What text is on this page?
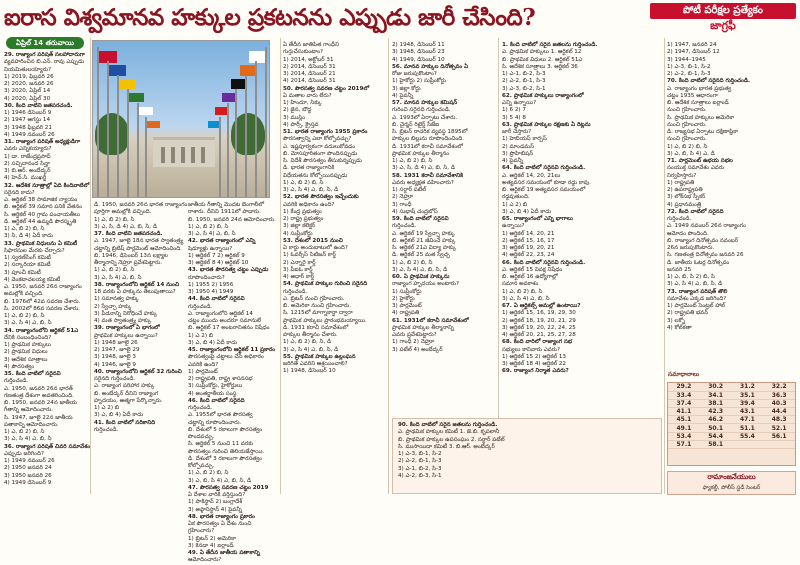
ఐరాస విశ్వమానవ హక్కుల ప్రకటనను ఎప్పుడు జారీ చేసింది?	పోటీ పరీక్షల ప్రత్యేకం
జాగ్రఫీ
ఏప్రిల్ 14 తరువాయి

29. రాజ్యాంగ పరిషత్ సలహాదారుగా

వ్యవహరించిన బి.ఎన్. రావు ఎప్పుడు

నియమితులయ్యారు?

1) 2019, ఫిబ్రవరి 26

2) 2020, జనవరి 26

3) 2020, ఏప్రిల్ 14

4) 2020, ఏప్రిల్ 30

30. కింది వాటిని జతపరచండి.

1) 1946 డిసెంబర్ 9

2) 1947 ఆగస్టు 14

3) 1948 ఫిబ్రవరి 21

4) 1949 నవంబర్ 26

31. రాజ్యాంగ పరిషత్ అధ్యక్షుడిగా

ఎవరు ఎన్నికయ్యారు?

1) డా. రాజేంద్రప్రసాద్

2) సచ్చిదానంద సిన్హా

3) బి.ఆర్. అంబేద్కర్

4) హెచ్.సి. ముఖర్జీ

32. ఆదేశిక సూత్రాల్లో ఏది కిందివాటిలో

సరైనది కాదు?

ఎ. ఆర్టికల్ 38 సామాజిక న్యాయం

బి. ఆర్టికల్ 39 సమాన పనికి వేతనం

సి. ఆర్టికల్ 40 గ్రామ పంచాయతీలు

డి. ఆర్టికల్ 44 ఉమ్మడి పౌరస్మృతి

1) ఎ, బి 2) బి, సి

3) సి, డి 4) ఏదీ కాదు

33. ప్రాథమిక విధులను ఏ కమిటీ

సిఫారసుల మేరకు చేర్చారు?

1) స్వరణ్‌సింగ్ కమిటీ

2) సర్కారియా కమిటీ

3) పూంచీ కమిటీ

4) వెంకటాచలయ్య కమిటీ

ఎ. 1950, జనవరి 26న రాజ్యాంగం

అమల్లోకి వచ్చింది.

బి. 1976లో 42వ సవరణ చేశారు.

సి. 2002లో 86వ సవరణ చేశారు.

1) ఎ, బి 2) బి, సి

3) ఎ, సి 4) ఎ, బి, సి

34. రాజ్యాంగంలోని ఆర్టికల్ 51ఎ

దేనికి సంబంధించింది?

1) ప్రాథమిక హక్కులు

2) ప్రాథమిక విధులు

3) ఆదేశిక సూత్రాలు

4) పౌరసత్వం

35. కింది వాటిలో సరైనవి

గుర్తించండి.

ఎ. 1950, జనవరి 26న భారత్

గణతంత్ర దేశంగా అవతరించింది.

బి. 1950, జనవరి 24న జాతీయ

గీతాన్ని ఆమోదించారు.

సి. 1947, జూలై 22న జాతీయ

పతాకాన్ని ఆమోదించారు.

1) ఎ, బి 2) బి, సి

3) ఎ, సి 4) ఎ, బి, సి

36. రాజ్యాంగ పరిషత్ చివరి సమావేశం

ఎప్పుడు జరిగింది?

1) 1949 నవంబర్ 26

2) 1950 జనవరి 24

3) 1950 జనవరి 26

4) 1949 డిసెంబర్ 9

డి. 1950, జనవరి 26న భారత రాజ్యాంగం

పూర్తిగా అమల్లోకి వచ్చింది.

1) ఎ, బి 2) బి, సి

3) ఎ, సి, డి 4) ఎ, బి, సి, డి

37. కింది వాటిని జతపరచండి.

ఎ. 1947, జూలై 18న భారత స్వాతంత్ర్య

చట్టాన్ని బ్రిటిష్ పార్లమెంట్ ఆమోదించింది.

బి. 1946, డిసెంబర్ 13న లక్ష్యాల

తీర్మానాన్ని నెహ్రూ ప్రవేశపెట్టారు.

1) ఎ, బి 2) బి, సి

3) ఎ, సి 4) ఎ, బి, సి

38. రాజ్యాంగంలోని ఆర్టికల్ 14 నుంచి

18 వరకు ఏ హక్కును తెలుపుతాయి?

1) సమానత్వ హక్కు

2) స్వేచ్ఛా హక్కు

3) పీడనాన్ని నిరోధించే హక్కు

4) మత స్వాతంత్ర్య హక్కు

39. రాజ్యాంగంలో ఏ భాగంలో

ప్రాథమిక హక్కులు ఉన్నాయి?

1) 1948 జూలై 26

2) 1947, జూలై 29

3) 1948, జూలై 3

4) 1946, జూలై 9

40. రాజ్యాంగంలోని ఆర్టికల్ 32 గురించి

సరైనది గుర్తించండి.

ఎ. రాజ్యాంగ పరిహార హక్కు

బి. అంబేద్కర్ దీనిని రాజ్యాంగ

హృదయం, ఆత్మగా పేర్కొన్నారు.

1) ఎ 2) బి

3) ఎ, బి 4) ఏదీ కాదు

41. కింది వాటిలో సరికానిది

గుర్తించండి.

జాతీయ గీతాన్ని మొదట బెంగాలీలో

రాశారు. దీనిని 1911లో పాడారు.

బి. 1950, జనవరి 24న ఆమోదించారు.

1) ఎ, బి 2) బి, సి

3) ఎ, సి 4) ఎ, బి, సి

42. భారత రాజ్యాంగంలో ఎన్ని

షెడ్యూళ్లు ఉన్నాయి?

1) ఆర్టికల్ 7 2) ఆర్టికల్ 9

3) ఆర్టికల్ 8 4) ఆర్టికల్ 10

43. భారత పౌరసత్వ చట్టం ఎప్పుడు

రూపొందించారు?

1) 1955 2) 1956

3) 1950 4) 1949

44. కింది వాటిలో సరైనవి

గుర్తించండి.

ఎ. రాజ్యాంగంలోని ఆర్టికల్ 14

చట్టం ముందు అందరూ సమానులే

బి. ఆర్టికల్ 17 అంటరానితనం నిషేధం

1) ఎ 2) బి

3) ఎ, బి 4) ఏదీ కాదు

45. రాజ్యాంగంలోని ఆర్టికల్ 11 ప్రకారం

పౌరసత్వంపై చట్టాలు చేసే అధికారం

ఎవరికి ఉంది?

1) పార్లమెంట్

2) రాష్ట్రపతి, రాష్ట్ర శాసనసభ

3) సుప్రీంకోర్టు, హైకోర్టులు

4) అంతర్జాతీయ సంస్థ

46. కింది వాటిలో సరైనది

గుర్తించండి.

ఎ. 1955లో భారత పౌరసత్వ

చట్టాన్ని రూపొందించారు.

బి. దేశంలో 5 రకాలుగా పౌరసత్వం

పొందవచ్చు.

సి. ఆర్టికల్ 5 నుంచి 11 వరకు

పౌరసత్వం గురించి తెలియజేస్తాయి.

డి. దేశంలో 3 రకాలుగా పౌరసత్వం

కోల్పోవచ్చు.

1) ఎ, బి 2) బి, సి

3) ఎ, బి, సి 4) ఎ, బి, సి, డి

47. పౌరసత్వ సవరణ చట్టం 2019

ఏ దేశాల వారికి వర్తిస్తుంది?

1) పాకిస్థాన్ 2) బంగ్లాదేశ్

3) అఫ్గానిస్థాన్ 4) పైవన్నీ

48. భారత రాజ్యాంగం ప్రకారం

ఏక పౌరసత్వం ఏ దేశం నుంచి

గ్రహించారు?

1) బ్రిటన్ 2) అమెరికా

3) కెనడా 4) ఐర్లాండ్

49. ఏ తేదీన జాతీయ పతాకాన్ని

ఆమోదించారు?

ఏ తేదీన జాతిపిత గాంధీని

గుర్తుచేసుకుంటాం?

1) 2014, అక్టోబర్ 31

2) 2014, డిసెంబర్ 31

3) 2014, డిసెంబర్ 21

4) 2014, డిసెంబర్ 31

50. పౌరసత్వ సవరణ చట్టం 2019లో

ఏ మతాల వారు లేరు?

1) హిందూ, సిక్కు

2) జైన, బౌద్ధ

3) ముస్లిం

4) పార్సీ, క్రైస్తవ

51. భారత రాజ్యాంగం 1955 ప్రకారం

పౌరసత్వాన్ని ఎలా కోల్పోవచ్చు?

ఎ. ఇష్టపూర్వకంగా వదులుకోవడం

బి. మోసపూరితంగా పొందినప్పుడు

సి. విదేశీ పౌరసత్వం తీసుకున్నప్పుడు

డి. భారత రాజ్యాంగానికి

విధేయతను కోల్పోయినప్పుడు

1) ఎ, బి 2) బి, సి

3) ఎ, సి 4) ఎ, బి, సి, డి

52. భారత పౌరసత్వం ఇచ్చేందుకు

ఎవరికి అధికారం ఉంది?

1) కేంద్ర ప్రభుత్వం

2) రాష్ట్ర ప్రభుత్వం

3) జిల్లా కలెక్టర్

4) సుప్రీంకోర్టు

53. దేశంలో 2015 నుంచి

ఏ కార్డు అందుబాటులో ఉంది?

1) ఓవర్సీస్ సిటిజన్ కార్డ్

2) ఎన్నారై కార్డ్

3) పీఐఓ కార్డ్

4) ఆధార్ కార్డ్

54. ప్రాథమిక హక్కుల గురించి సరైనది

గుర్తించండి.

ఎ. బ్రిటన్ నుంచి గ్రహించారు.

బి. అమెరికా నుంచి గ్రహించారు.

సి. 1215లో మాగ్నాకార్టా ద్వారా

ప్రాథమిక హక్కులు ప్రారంభమయ్యాయి.

డి. 1931 కరాచీ సమావేశంలో

హక్కుల తీర్మానం చేశారు.

1) ఎ, బి 2) బి, సి, డి

3) ఎ, సి 4) ఎ, బి, సి, డి

55. ప్రాథమిక హక్కుల ఉల్లంఘన

జరిగితే ఎవరిని ఆశ్రయించాలి?

1) 1948, డిసెంబర్ 10

2) 1948, డిసెంబర్ 11

3) 1948, డిసెంబర్ 23

4) 1949, డిసెంబర్ 10

56. మానవ హక్కుల దినోత్సవం ఏ

రోజు జరుపుకొంటాం?

1) హైకోర్టు 2) సుప్రీంకోర్టు

3) జిల్లా కోర్టు

4) పైవన్నీ

57. మానవ హక్కుల కమిషన్

గురించి సరైనది గుర్తించండి.

ఎ. 1993లో ఏర్పాటు చేశారు.

బి. చైర్మన్ రిటైర్డ్ సీజేఐ

సి. బ్రిటన్ రాచరిక వ్యవస్థ 1895లో

హక్కుల బిల్లును రూపొందించింది.

డి. 1931లో కరాచీ సమావేశంలో

ప్రాథమిక హక్కుల తీర్మానం

1) ఎ, బి 2) బి, సి

3) ఎ, సి, డి 4) ఎ, బి, సి, డి

58. 1931 కరాచీ సమావేశానికి

ఎవరు అధ్యక్షత వహించారు?

1) సర్దార్ పటేల్

2) నెహ్రూ

3) గాంధీ

4) సుభాష్ చంద్రబోస్

59. కింది వాటిలో సరైనవి

గుర్తించండి.

ఎ. ఆర్టికల్ 19 స్వేచ్ఛా హక్కు

బి. ఆర్టికల్ 21 జీవించే హక్కు

సి. ఆర్టికల్ 21ఎ విద్యా హక్కు

డి. ఆర్టికల్ 25 మత స్వేచ్ఛ

1) ఎ, బి 2) బి, సి

3) ఎ, సి 4) ఎ, బి, సి, డి

60. ఏ ప్రాథమిక హక్కును

రాజ్యాంగ హృదయం అంటారు?

1) సుప్రీంకోర్టు

2) హైకోర్టు

3) పార్లమెంట్

4) రాష్ట్రపతి

61. 1931లో కరాచీ సమావేశంలో

ప్రాథమిక హక్కుల తీర్మానాన్ని

ఎవరు ప్రవేశపెట్టారు?

1) గాంధీ 2) నెహ్రూ

3) పటేల్ 4) అంబేద్కర్

1. కింది వాటిలో సరైన జతలను గుర్తించండి.

ఎ. ప్రాథమిక హక్కులు 1. ఆర్టికల్ 12

బి. ప్రాథమిక విధులు 2. ఆర్టికల్ 51ఎ

సి. ఆదేశిక సూత్రాలు 3. ఆర్టికల్ 36

1) ఎ-1, బి-2, సి-3

2) ఎ-2, బి-1, సి-3

3) ఎ-3, బి-2, సి-1

62. ప్రాథమిక హక్కులు రాజ్యాంగంలో

ఎన్ని ఉన్నాయి?

1) 6 2) 7

3) 5 4) 8

63. ప్రాథమిక హక్కుల రక్షణకు ఏ రిట్లను

జారీ చేస్తారు?

1) హెబియస్ కార్పస్

2) మాండమస్

3) ప్రొహిబిషన్

4) పైవన్నీ

64. కింది వాటిలో సరైనవి గుర్తించండి.

ఎ. ఆర్టికల్ 14, 20, 21లు

అత్యవసర సమయంలో కూడా రద్దు కావు.

బి. ఆర్టికల్ 19 అత్యవసర సమయంలో

రద్దవుతుంది.

1) ఎ 2) బి

3) ఎ, బి 4) ఏదీ కాదు

65. రాజ్యాంగంలో ఎన్ని భాగాలు

ఉన్నాయి?

1) ఆర్టికల్ 14, 20, 21

2) ఆర్టికల్ 15, 16, 17

3) ఆర్టికల్ 19, 20, 21

4) ఆర్టికల్ 22, 23, 24

66. కింది వాటిలో సరైనవి గుర్తించండి.

ఎ. ఆర్టికల్ 15 వివక్ష నిషేధం

బి. ఆర్టికల్ 16 ఉద్యోగాల్లో

సమాన అవకాశం

1) ఎ, బి 2) బి, సి

3) ఎ, సి 4) ఎ, బి, సి

67. ఏ ఆర్టికల్స్ అమల్లో ఉంటాయి?

1) ఆర్టికల్ 15, 16, 19, 29, 30

2) ఆర్టికల్ 18, 19, 20, 21, 29

3) ఆర్టికల్ 19, 20, 22, 24, 25

4) ఆర్టికల్ 20, 21, 25, 27, 28

68. కింది వారిలో రాజ్యాంగ సభ

సభ్యులు కానివారు ఎవరు?

1) ఆర్టికల్ 15 2) ఆర్టికల్ 13

3) ఆర్టికల్ 18 4) ఆర్టికల్ 22

69. రాజ్యాంగ నిర్మాత ఎవరు?

1) 1947, జనవరి 24

2) 1947, డిసెంబర్ 12

3) 1944–1945

1) ఎ-3, బి-1, సి-2

2) ఎ-2, బి-1, సి-3

70. కింది వాటిలో సరైనది గుర్తించండి.

ఎ. రాజ్యాంగం భారత ప్రభుత్వ

చట్టం 1935 ఆధారంగా

బి. ఆదేశిక సూత్రాలు ఐర్లాండ్

నుంచి గ్రహించారు.

సి. ప్రాథమిక హక్కులు అమెరికా

నుంచి గ్రహించారు.

డి. రాజ్యసభ ఏర్పాటు దక్షిణాఫ్రికా

నుంచి గ్రహించారు.

1) ఎ, బి 2) బి, సి

3) ఎ, బి, సి 4) ఎ, డి

71. పార్లమెంట్ ఉభయ సభల

సంయుక్త సమావేశం ఎవరు

నిర్వహిస్తారు?

1) రాష్ట్రపతి

2) ఉపరాష్ట్రపతి

3) లోక్‌సభ స్పీకర్

4) ప్రధానమంత్రి

72. కింది వాటిలో సరైనది

గుర్తించండి.

ఎ. 1949 నవంబర్ 26న రాజ్యాంగం

ఆమోదం పొందింది.

బి. రాజ్యాంగ దినోత్సవం నవంబర్

26న జరుపుకొంటారు.

సి. గణతంత్ర దినోత్సవం జనవరి 26

డి. జాతీయ ఓటర్ల దినోత్సవం

జనవరి 25

1) ఎ, బి, సి 2) బి, సి

3) ఎ, సి 4) ఎ, బి, సి, డి

73. రాజ్యాంగ పరిషత్ తొలి

సమావేశం ఎక్కడ జరిగింది?

1) పార్లమెంట్ సెంట్రల్ హాల్

2) రాష్ట్రపతి భవన్

3) లక్నో

4) కోల్‌కతా

90. కింది వాటిలో సరైన జతలను గుర్తించండి.

ఎ. ప్రాథమిక హక్కుల కమిటీ 1. జె.బి. కృపలానీ

బి. ప్రాథమిక హక్కుల ఉపసంఘం 2. సర్దార్ పటేల్

సి. ముసాయిదా కమిటీ 3. బి.ఆర్. అంబేద్కర్

1) ఎ-3, బి-1, సి-2

2) ఎ-2, బి-1, సి-3

3) ఎ-1, బి-2, సి-3

4) ఎ-2, బి-3, సి-1

సమాధానాలు
29.2	30.2	31.2	32.2
33.4	34.1	35.1	36.3
37.4	38.1	39.4	40.3
41.1	42.3	43.1	44.4
45.1	46.2	47.1	48.3
49.1	50.1	51.1	52.1
53.4	54.4	55.4	56.1
57.1	58.1		
రామాంజనేయులు
ఫ్యాకల్టీ, పోలీస్ స్టడీ సెంటర్
